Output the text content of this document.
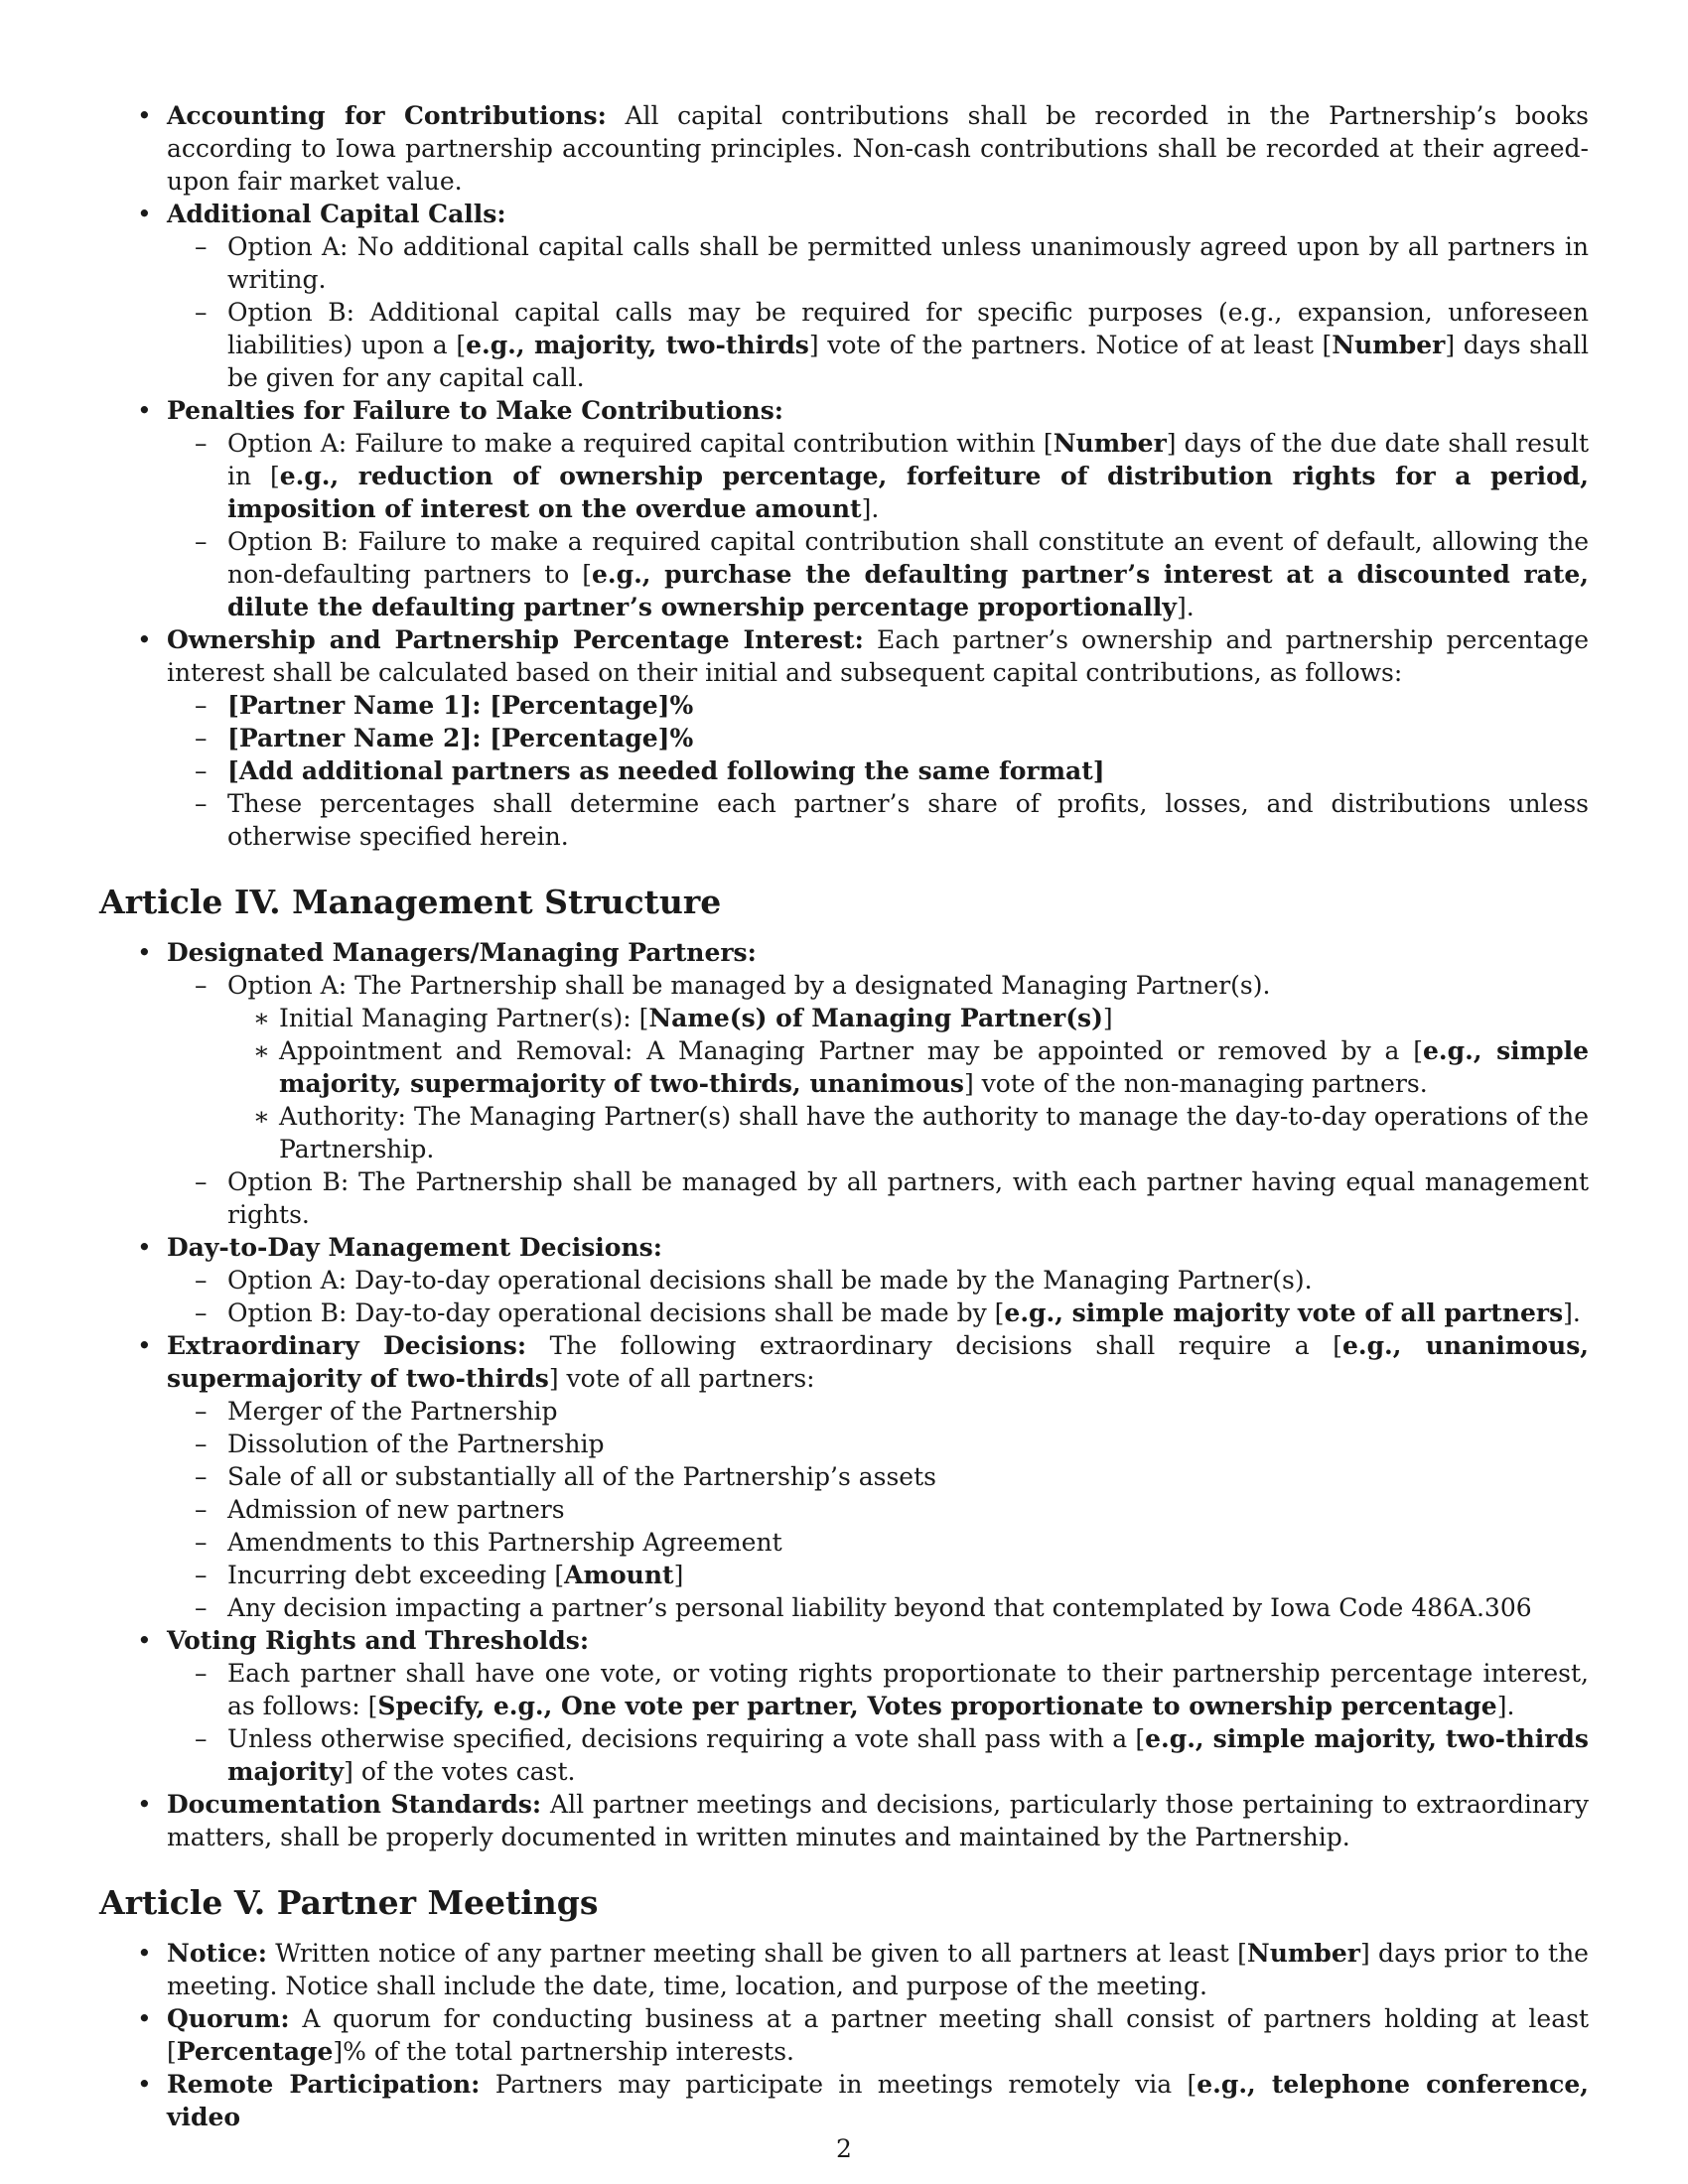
• Accounting for Contributions: All capital contributions shall be recorded in the Partnership’s books according to Iowa partnership accounting principles. Non-cash contributions shall be recorded at their agreed-upon fair market value.
• Additional Capital Calls:
– Option A: No additional capital calls shall be permitted unless unanimously agreed upon by all partners in writing.
– Option B: Additional capital calls may be required for specific purposes (e.g., expansion, unforeseen liabilities) upon a [e.g., majority, two-thirds] vote of the partners. Notice of at least [Number] days shall be given for any capital call.
• Penalties for Failure to Make Contributions:
– Option A: Failure to make a required capital contribution within [Number] days of the due date shall result in [e.g., reduction of ownership percentage, forfeiture of distribution rights for a period, imposition of interest on the overdue amount].
– Option B: Failure to make a required capital contribution shall constitute an event of default, allowing the non-defaulting partners to [e.g., purchase the defaulting partner’s interest at a discounted rate, dilute the defaulting partner’s ownership percentage proportionally].
• Ownership and Partnership Percentage Interest: Each partner’s ownership and partnership percentage interest shall be calculated based on their initial and subsequent capital contributions, as follows:
– [Partner Name 1]: [Percentage]%
– [Partner Name 2]: [Percentage]%
– [Add additional partners as needed following the same format]
– These percentages shall determine each partner’s share of profits, losses, and distributions unless otherwise specified herein.
Article IV. Management Structure
• Designated Managers/Managing Partners:
– Option A: The Partnership shall be managed by a designated Managing Partner(s).
∗ Initial Managing Partner(s): [Name(s) of Managing Partner(s)]
∗ Appointment and Removal: A Managing Partner may be appointed or removed by a [e.g., simple majority, supermajority of two-thirds, unanimous] vote of the non-managing partners.
∗ Authority: The Managing Partner(s) shall have the authority to manage the day-to-day operations of the Partnership.
– Option B: The Partnership shall be managed by all partners, with each partner having equal management rights.
• Day-to-Day Management Decisions:
– Option A: Day-to-day operational decisions shall be made by the Managing Partner(s).
– Option B: Day-to-day operational decisions shall be made by [e.g., simple majority vote of all partners].
• Extraordinary Decisions: The following extraordinary decisions shall require a [e.g., unanimous, supermajority of two-thirds] vote of all partners:
– Merger of the Partnership
– Dissolution of the Partnership
– Sale of all or substantially all of the Partnership’s assets
– Admission of new partners
– Amendments to this Partnership Agreement
– Incurring debt exceeding [Amount]
– Any decision impacting a partner’s personal liability beyond that contemplated by Iowa Code 486A.306
• Voting Rights and Thresholds:
– Each partner shall have one vote, or voting rights proportionate to their partnership percentage interest, as follows: [Specify, e.g., One vote per partner, Votes proportionate to ownership percentage].
– Unless otherwise specified, decisions requiring a vote shall pass with a [e.g., simple majority, two-thirds majority] of the votes cast.
• Documentation Standards: All partner meetings and decisions, particularly those pertaining to extraordinary matters, shall be properly documented in written minutes and maintained by the Partnership.
Article V. Partner Meetings
• Notice: Written notice of any partner meeting shall be given to all partners at least [Number] days prior to the meeting. Notice shall include the date, time, location, and purpose of the meeting.
• Quorum: A quorum for conducting business at a partner meeting shall consist of partners holding at least [Percentage]% of the total partnership interests.
• Remote Participation: Partners may participate in meetings remotely via [e.g., telephone conference, video
2
